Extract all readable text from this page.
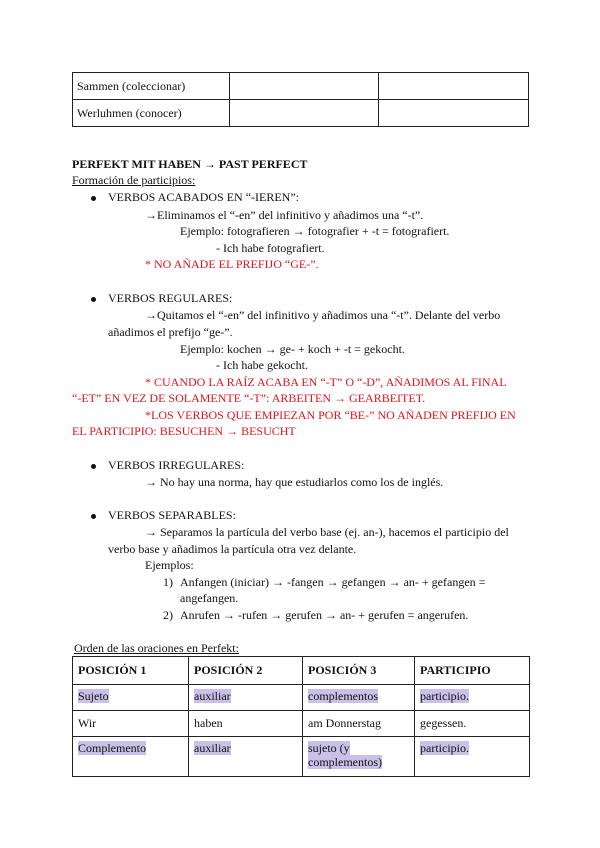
Sammen (coleccionar)		
Werluhmen (conocer)		
PERFEKT MIT HABEN → PAST PERFECT
Formación de participios:
VERBOS ACABADOS EN “-IEREN”:
→Eliminamos el “-en” del infinitivo y añadimos una “-t”.
Ejemplo: fotografieren → fotografier + -t = fotografiert.
- Ich habe fotografiert.
* NO AÑADE EL PREFIJO “GE-”.
VERBOS REGULARES:
→Quitamos el “-en” del infinitivo y añadimos una “-t”. Delante del verbo
añadimos el prefijo “ge-”.
Ejemplo: kochen → ge- + koch + -t = gekocht.
- Ich habe gekocht.
* CUANDO LA RAÍZ ACABA EN “-T” O “-D”, AÑADIMOS AL FINAL
“-ET” EN VEZ DE SOLAMENTE “-T”: ARBEITEN → GEARBEITET.
*LOS VERBOS QUE EMPIEZAN POR “BE-” NO AÑADEN PREFIJO EN
EL PARTICIPIO: BESUCHEN → BESUCHT
VERBOS IRREGULARES:
→ No hay una norma, hay que estudiarlos como los de inglés.
VERBOS SEPARABLES:
→ Separamos la partícula del verbo base (ej. an-), hacemos el participio del
verbo base y añadimos la partícula otra vez delante.
Ejemplos:
1) Anfangen (iniciar) → -fangen → gefangen → an- + gefangen =
angefangen.
2) Anrufen → -rufen → gerufen → an- + gerufen = angerufen.
Orden de las oraciones en Perfekt:
POSICIÓN 1	POSICIÓN 2	POSICIÓN 3	PARTICIPIO
Sujeto	auxiliar	complementos	participio.
Wir	haben	am Donnerstag	gegessen.
Complemento	auxiliar	sujeto (y
complementos)	participio.
